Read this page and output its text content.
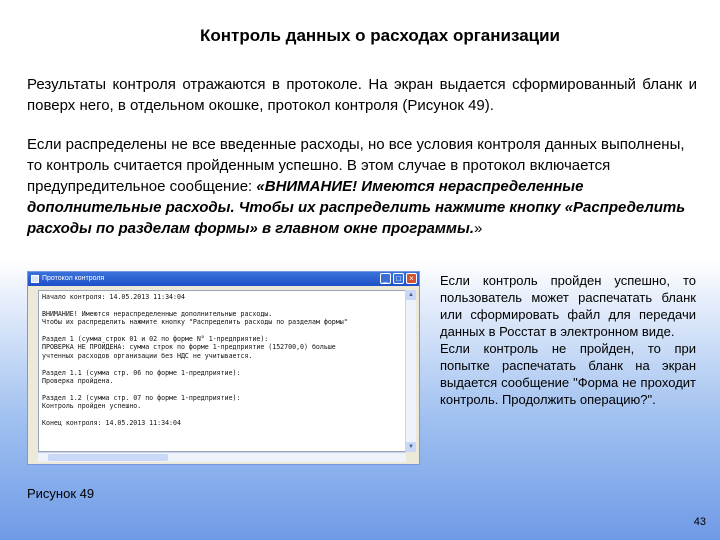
Контроль данных о расходах организации
Результаты контроля отражаются в протоколе. На экран выдается сформированный бланк и поверх него, в отдельном окошке, протокол контроля (Рисунок 49).
Если распределены не все введенные расходы, но все условия контроля данных выполнены, то контроль считается пройденным успешно. В этом случае в протокол включается предупредительное сообщение: «ВНИМАНИЕ! Имеются нераспределенные дополнительные расходы. Чтобы их распределить нажмите кнопку «Распределить расходы по разделам формы» в главном окне программы.»
Протокол контроля	_	□	×
Начало контроля: 14.05.2013 11:34:04
ВНИМАНИЕ! Имеются нераспределенные дополнительные расходы.
Чтобы их распределить нажмите кнопку "Распределить расходы по разделам формы"
Раздел 1 (сумма строк 01 и 02 по форме N° 1-предприятие):
ПРОВЕРКА НЕ ПРОЙДЕНА: сумма строк по форме 1-предприятие (152700,0) больше
учтенных расходов организации без НДС не учитывается.
Раздел 1.1 (сумма стр. 06 по форме 1-предприятие):
Проверка пройдена.
Раздел 1.2 (сумма стр. 07 по форме 1-предприятие):
Контроль пройден успешно.
Конец контроля: 14.05.2013 11:34:04
▲
▼

Если контроль пройден успешно, то пользователь может распечатать бланк или сформировать файл для передачи данных в Росстат в электронном виде.

Если контроль не пройден, то при попытке распечатать бланк на экран выдается сообщение "Форма не проходит контроль. Продолжить операцию?".

Рисунок 49
43
